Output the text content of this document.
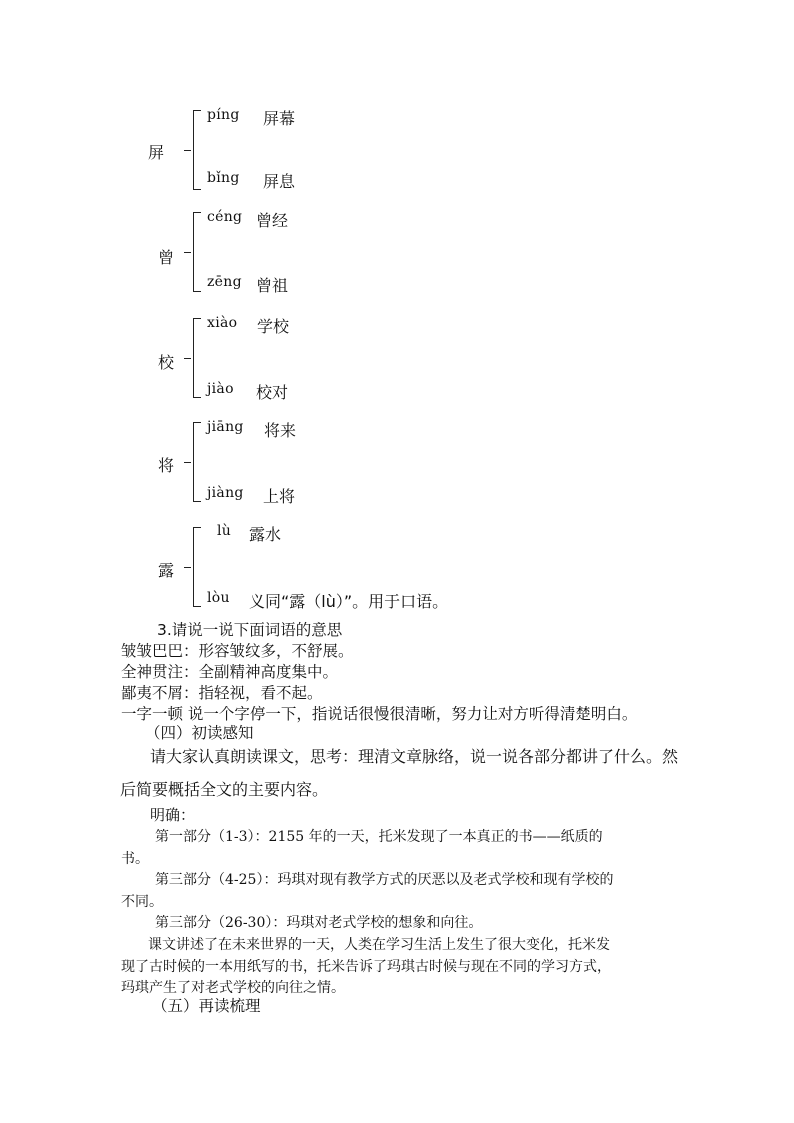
屏
píng 屏幕
bǐng 屏息
曾
céng 曾经
zēng 曾祖
校
xiào 学校
jiào 校对
将
jiāng 将来
jiàng 上将
露
lù 露水
lòu 义同“露（lù）”。用于口语。
3.请说一说下面词语的意思
皱皱巴巴：形容皱纹多，不舒展。
全神贯注：全副精神高度集中。
鄙夷不屑：指轻视，看不起。
一字一顿 说一个字停一下，指说话很慢很清晰，努力让对方听得清楚明白。
（四）初读感知
请大家认真朗读课文，思考：理清文章脉络，说一说各部分都讲了什么。然
后简要概括全文的主要内容。
明确：
第一部分（1-3）：2155 年的一天，托米发现了一本真正的书——纸质的
书。
第三部分（4-25）：玛琪对现有教学方式的厌恶以及老式学校和现有学校的
不同。
第三部分（26-30）：玛琪对老式学校的想象和向往。
课文讲述了在未来世界的一天，人类在学习生活上发生了很大变化，托米发
现了古时候的一本用纸写的书，托米告诉了玛琪古时候与现在不同的学习方式，
玛琪产生了对老式学校的向往之情。
（五）再读梳理
